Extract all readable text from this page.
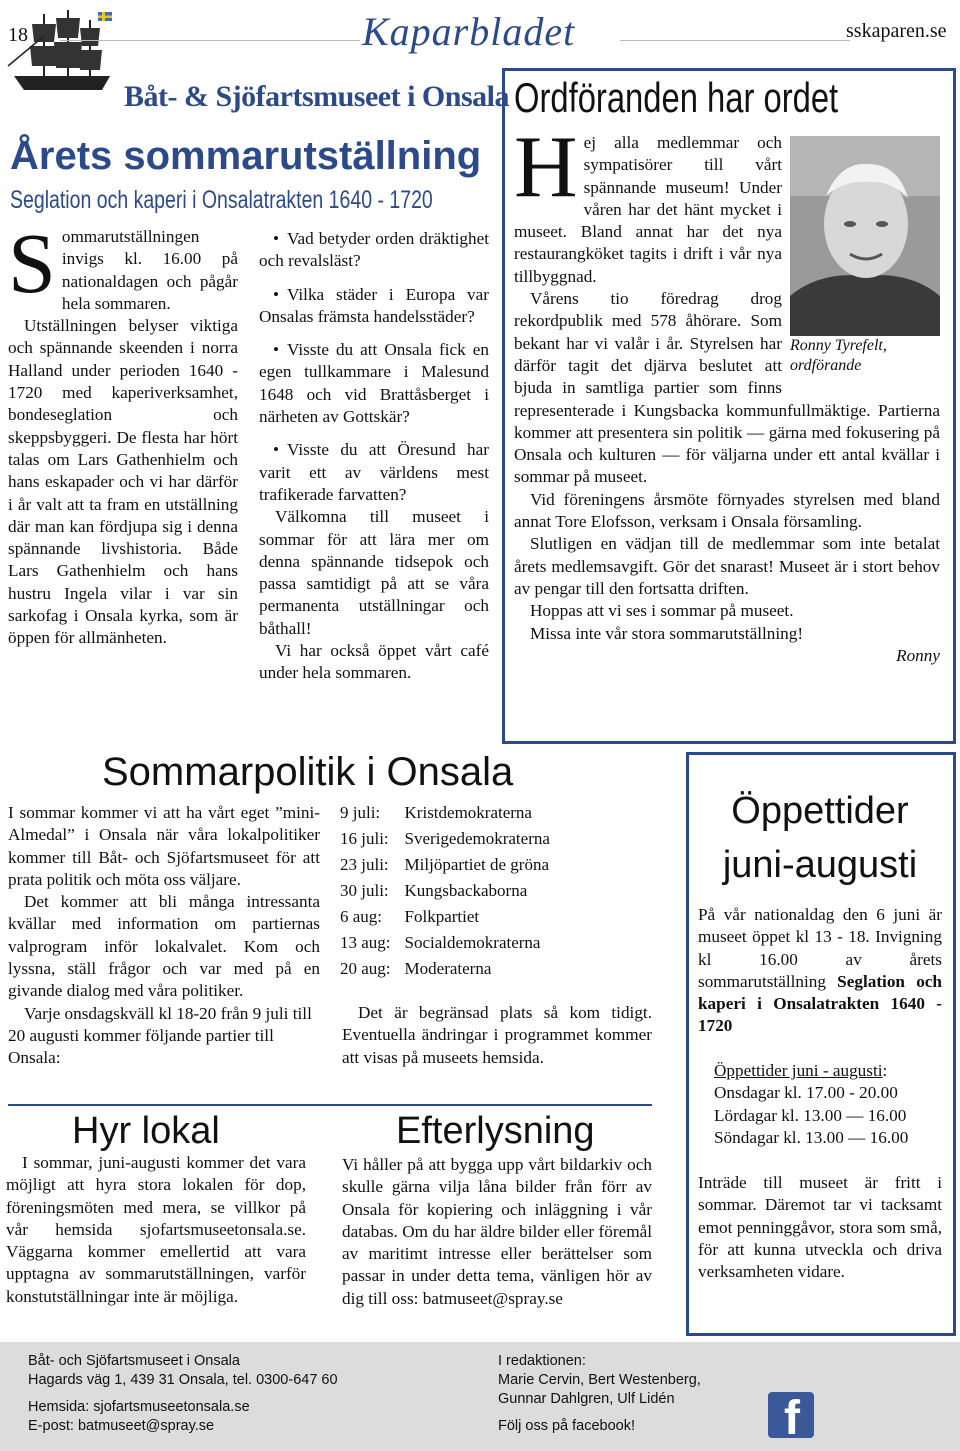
18
Båt- & Sjöfartsmuseet i Onsala
Kaparbladet	sskaparen.se
Årets sommarutställning
Seglation och kaperi i Onsalatrakten 1640 - 1720

Sommarutställningen invigs kl. 16.00 på nationaldagen och pågår hela sommaren.

Utställningen belyser viktiga och spännande skeenden i norra Halland under perioden 1640 - 1720 med kaperiverksamhet, bondeseglation och skeppsbyggeri. De flesta har hört talas om Lars Gathenhielm och hans eskapader och vi har därför i år valt att ta fram en utställning där man kan fördjupa sig i denna spännande livshistoria. Både Lars Gathenhielm och hans hustru Ingela vilar i var sin sarkofag i Onsala kyrka, som är öppen för allmänheten.

• Vad betyder orden dräktighet och revalsläst?

• Vilka städer i Europa var Onsalas främsta handelsstäder?

• Visste du att Onsala fick en egen tullkammare i Malesund 1648 och vid Brattåsberget i närheten av Gottskär?

• Visste du att Öresund har varit ett av världens mest trafikerade farvatten?

Välkomna till museet i sommar för att lära mer om denna spännande tidsepok och passa samtidigt på att se våra permanenta utställningar och båthall!

Vi har också öppet vårt café under hela sommaren.

Ordföranden har ordet
Ronny Tyrefelt,
ordförande

Hej alla medlemmar och sympatisörer till vårt spännande museum! Under våren har det hänt mycket i museet. Bland annat har det nya restaurangköket tagits i drift i vår nya tillbyggnad.

Vårens tio föredrag drog rekordpublik med 578 åhörare. Som bekant har vi valår i år. Styrelsen har därför tagit det djärva beslutet att bjuda in samtliga partier som finns representerade i Kungsbacka kommunfullmäktige. Partierna kommer att presentera sin politik — gärna med fokusering på Onsala och kulturen — för väljarna under ett antal kvällar i sommar på museet.

Vid föreningens årsmöte förnyades styrelsen med bland annat Tore Elofsson, verksam i Onsala församling.

Slutligen en vädjan till de medlemmar som inte betalat årets medlemsavgift. Gör det snarast! Museet är i stort behov av pengar till den fortsatta driften.

Hoppas att vi ses i sommar på museet.

Missa inte vår stora sommarutställning!

Ronny

Sommarpolitik i Onsala

I sommar kommer vi att ha vårt eget ”mini-Almedal” i Onsala när våra lokalpolitiker kommer till Båt- och Sjöfartsmuseet för att prata politik och möta oss väljare.

Det kommer att bli många intressanta kvällar med information om partiernas valprogram inför lokalvalet. Kom och lyssna, ställ frågor och var med på en givande dialog med våra politiker.

Varje onsdagskväll kl 18-20 från 9 juli till 20 augusti kommer följande partier till Onsala:

9 juli:	Kristdemokraterna
16 juli:	Sverigedemokraterna
23 juli:	Miljöpartiet de gröna
30 juli:	Kungsbackaborna
6 aug:	Folkpartiet
13 aug:	Socialdemokraterna
20 aug:	Moderaterna

Det är begränsad plats så kom tidigt. Eventuella ändringar i programmet kommer att visas på museets hemsida.

Hyr lokal

I sommar, juni-augusti kommer det vara möjligt att hyra stora lokalen för dop, föreningsmöten med mera, se villkor på vår hemsida sjofartsmuseetonsala.se. Väggarna kommer emellertid att vara upptagna av sommarutställningen, varför konstutställningar inte är möjliga.

Efterlysning

Vi håller på att bygga upp vårt bildarkiv och skulle gärna vilja låna bilder från förr av Onsala för kopiering och inläggning i vår databas. Om du har äldre bilder eller föremål av maritimt intresse eller berättelser som passar in under detta tema, vänligen hör av dig till oss: batmuseet@spray.se

Öppettider
juni-augusti

På vår nationaldag den 6 juni är museet öppet kl 13 - 18. Invigning kl 16.00 av årets sommarutställning Seglation och kaperi i Onsalatrakten 1640 - 1720

Öppettider juni - augusti:
Onsdagar kl. 17.00 - 20.00
Lördagar kl. 13.00 — 16.00
Söndagar kl. 13.00 — 16.00

Inträde till museet är fritt i sommar. Däremot tar vi tacksamt emot penninggåvor, stora som små, för att kunna utveckla och driva verksamheten vidare.

Båt- och Sjöfartsmuseet i Onsala
Hagards väg 1, 439 31 Onsala, tel. 0300-647 60
Hemsida: sjofartsmuseetonsala.se
E-post: batmuseet@spray.se
I redaktionen:
Marie Cervin, Bert Westenberg,
Gunnar Dahlgren, Ulf Lidén
Följ oss på facebook!	f
